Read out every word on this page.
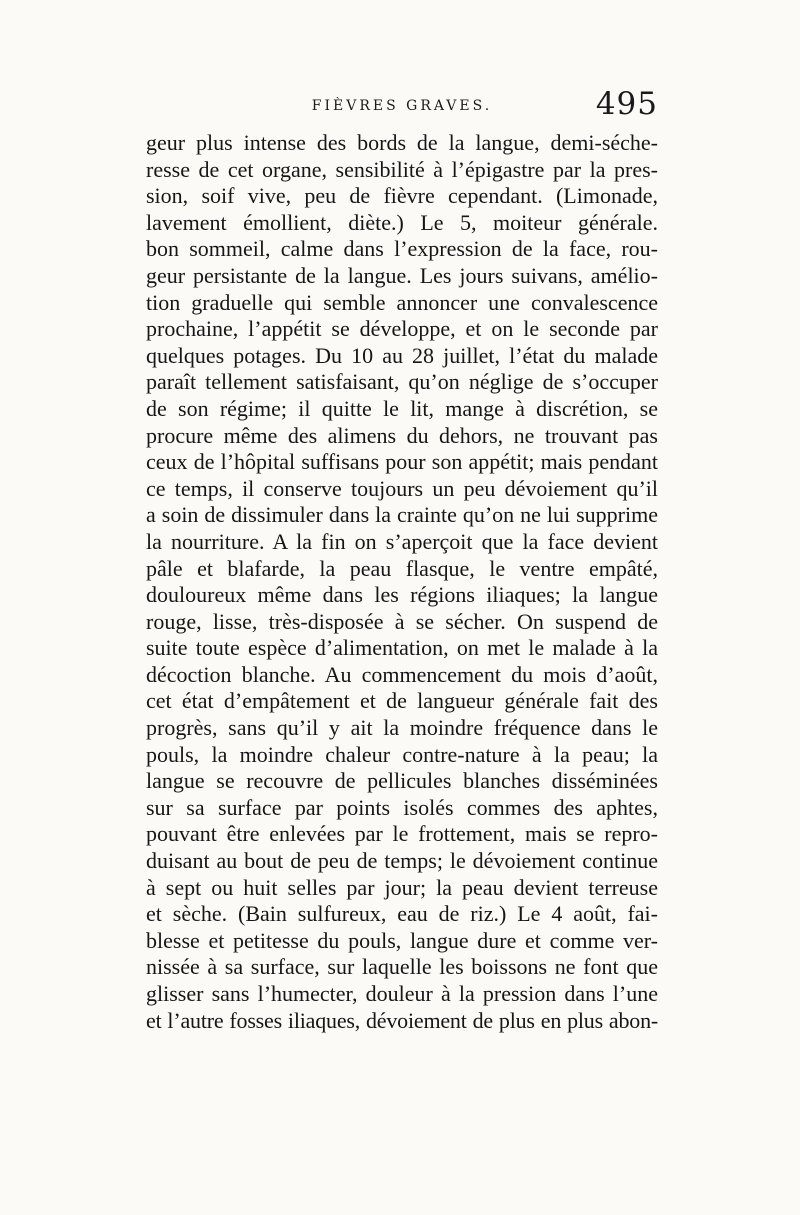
FIÈVRES GRAVES.	495
geur plus intense des bords de la langue, demi-séche-
resse de cet organe, sensibilité à l’épigastre par la pres-
sion, soif vive, peu de fièvre cependant. (Limonade,
lavement émollient, diète.) Le 5, moiteur générale.
bon sommeil, calme dans l’expression de la face, rou-
geur persistante de la langue. Les jours suivans, amélio-
tion graduelle qui semble annoncer une convalescence
prochaine, l’appétit se développe, et on le seconde par
quelques potages. Du 10 au 28 juillet, l’état du malade
paraît tellement satisfaisant, qu’on néglige de s’occuper
de son régime; il quitte le lit, mange à discrétion, se
procure même des alimens du dehors, ne trouvant pas
ceux de l’hôpital suffisans pour son appétit; mais pendant
ce temps, il conserve toujours un peu dévoiement qu’il
a soin de dissimuler dans la crainte qu’on ne lui supprime
la nourriture. A la fin on s’aperçoit que la face devient
pâle et blafarde, la peau flasque, le ventre empâté,
douloureux même dans les régions iliaques; la langue
rouge, lisse, très-disposée à se sécher. On suspend de
suite toute espèce d’alimentation, on met le malade à la
décoction blanche. Au commencement du mois d’août,
cet état d’empâtement et de langueur générale fait des
progrès, sans qu’il y ait la moindre fréquence dans le
pouls, la moindre chaleur contre-nature à la peau; la
langue se recouvre de pellicules blanches disséminées
sur sa surface par points isolés commes des aphtes,
pouvant être enlevées par le frottement, mais se repro-
duisant au bout de peu de temps; le dévoiement continue
à sept ou huit selles par jour; la peau devient terreuse
et sèche. (Bain sulfureux, eau de riz.) Le 4 août, fai-
blesse et petitesse du pouls, langue dure et comme ver-
nissée à sa surface, sur laquelle les boissons ne font que
glisser sans l’humecter, douleur à la pression dans l’une
et l’autre fosses iliaques, dévoiement de plus en plus abon-
